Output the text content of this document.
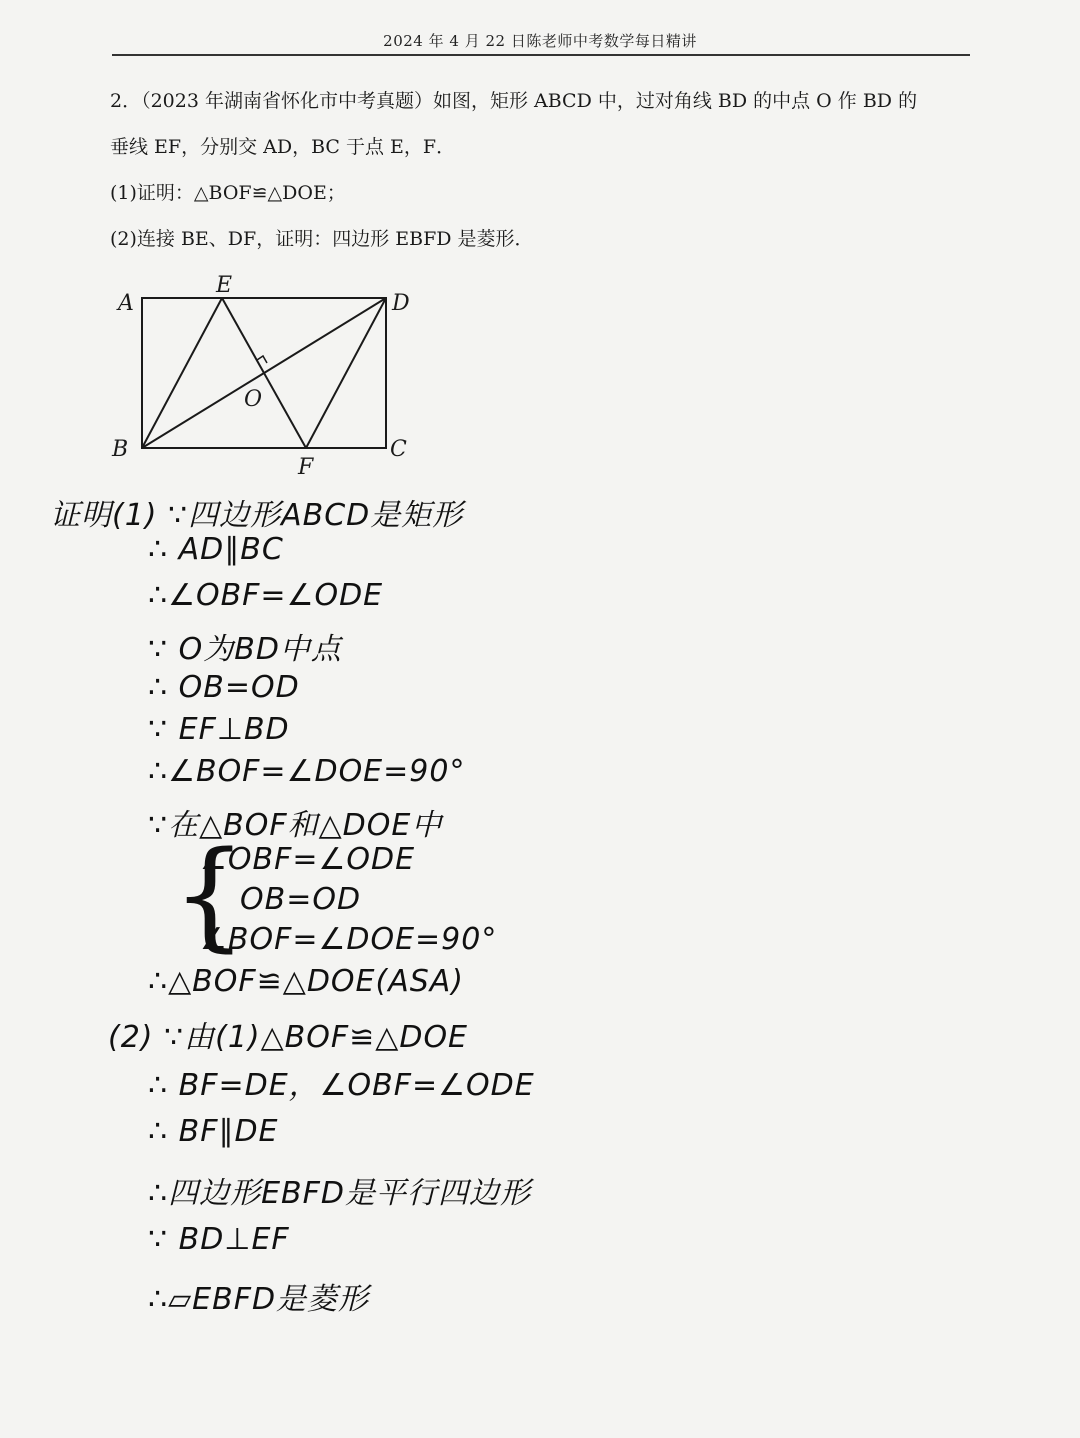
2024 年 4 月 22 日陈老师中考数学每日精讲

2．（2023 年湖南省怀化市中考真题）如图，矩形 ABCD 中，过对角线 BD 的中点 O 作 BD 的

垂线 EF，分别交 AD，BC 于点 E，F．

(1)证明：△BOF≌△DOE；

(2)连接 BE、DF，证明：四边形 EBFD 是菱形．

A
E
D
O
B	C
F
证明(1) ∵四边形ABCD是矩形
∴ AD∥BC
∴∠OBF=∠ODE
∵ O为BD中点
∴ OB=OD
∵ EF⊥BD
∴∠BOF=∠DOE=90°
∵在△BOF和△DOE中
{
∠OBF=∠ODE
OB=OD
∠BOF=∠DOE=90°
∴△BOF≌△DOE(ASA)
(2) ∵由(1)△BOF≌△DOE
∴ BF=DE，∠OBF=∠ODE
∴ BF∥DE
∴四边形EBFD是平行四边形
∵ BD⊥EF
∴▱EBFD是菱形
